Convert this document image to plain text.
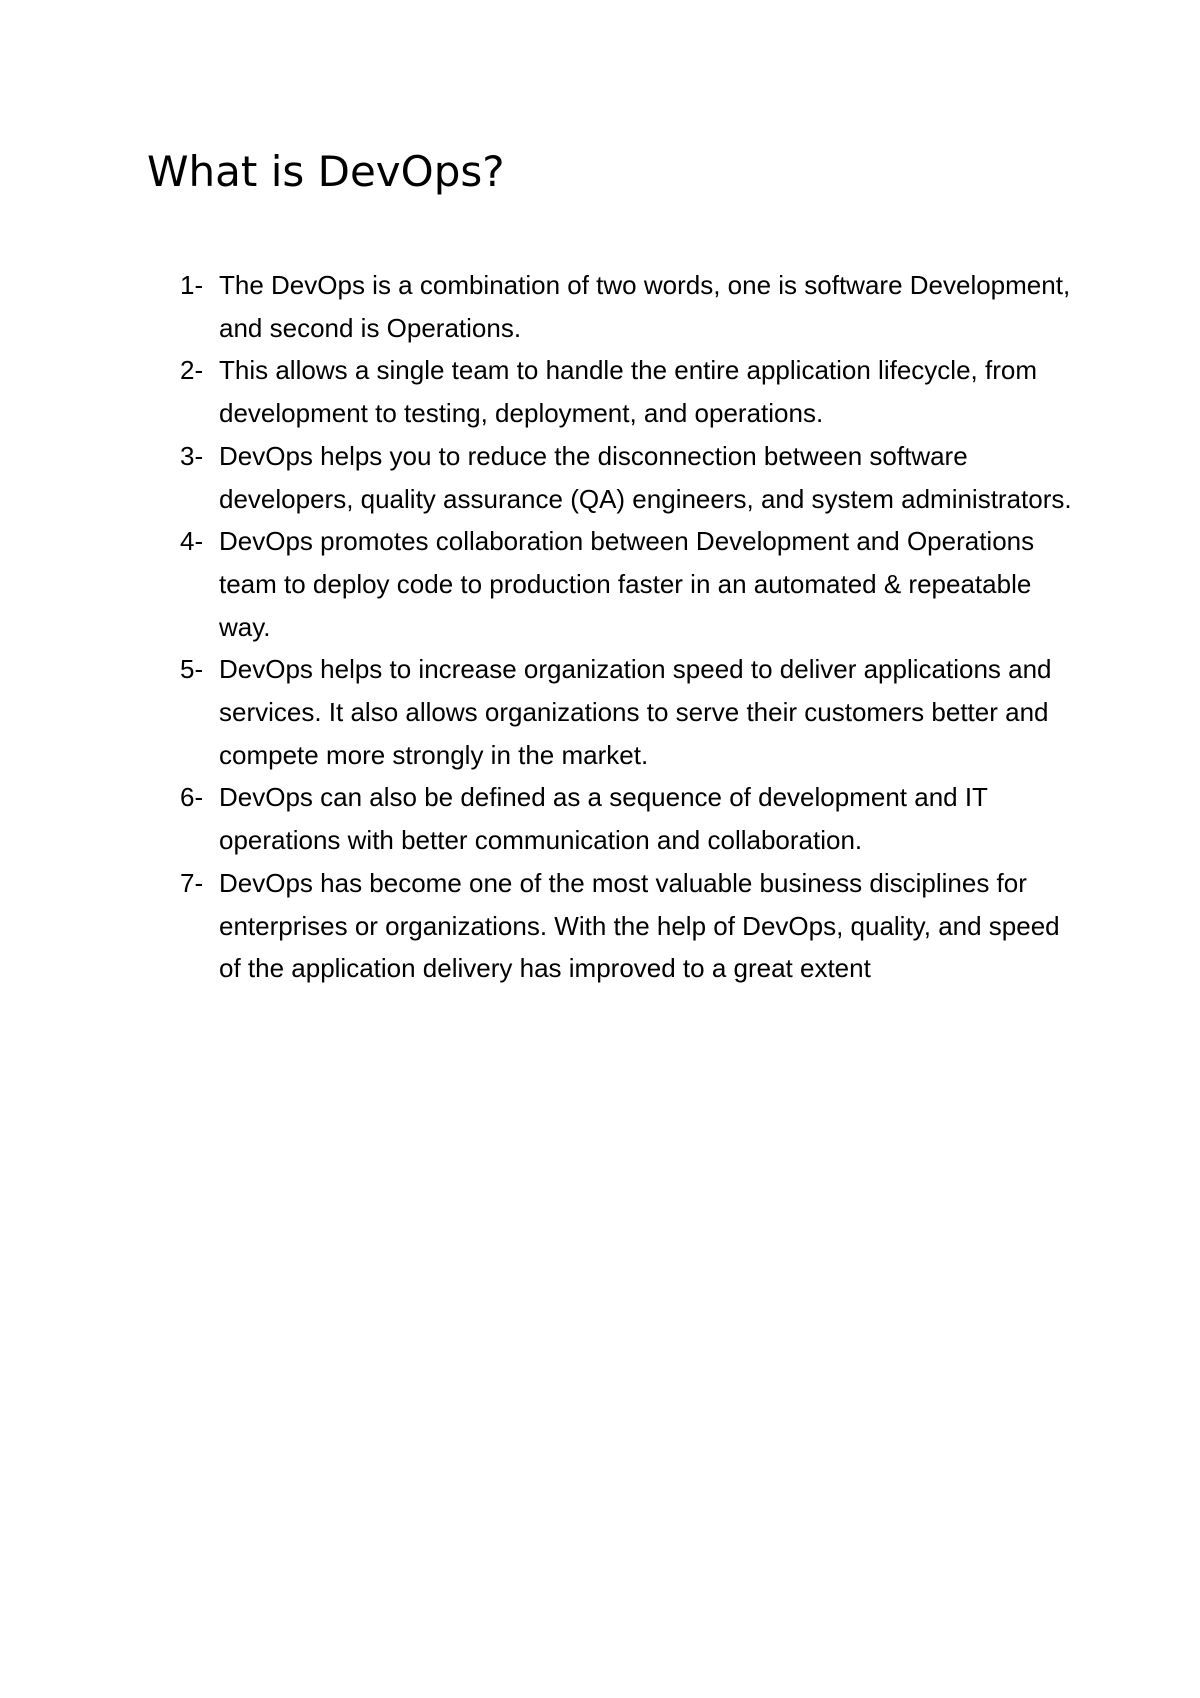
What is DevOps?
1- The DevOps is a combination of two words, one is software Development, and second is Operations.
2- This allows a single team to handle the entire application lifecycle, from development to testing, deployment, and operations.
3- DevOps helps you to reduce the disconnection between software developers, quality assurance (QA) engineers, and system administrators.
4- DevOps promotes collaboration between Development and Operations team to deploy code to production faster in an automated & repeatable way.
5- DevOps helps to increase organization speed to deliver applications and services. It also allows organizations to serve their customers better and compete more strongly in the market.
6- DevOps can also be defined as a sequence of development and IT operations with better communication and collaboration.
7- DevOps has become one of the most valuable business disciplines for enterprises or organizations. With the help of DevOps, quality, and speed of the application delivery has improved to a great extent
